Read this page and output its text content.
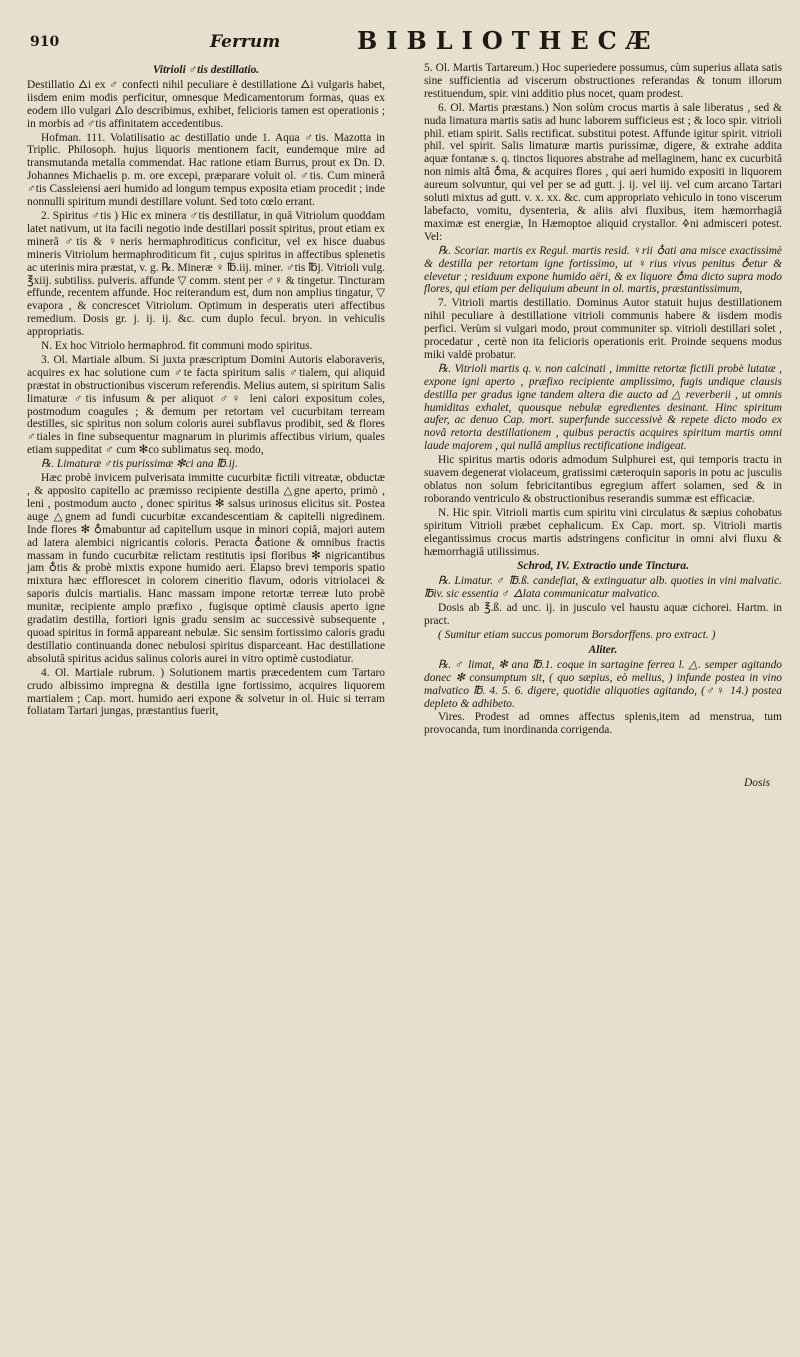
910	Ferrum	BIBLIOTHECÆ

Vitrioli ♂tis destillatio.

Destillatio 🜂i ex ♂ confecti nihil peculiare è destillatione 🜂i vulgaris habet, iisdem enim modis perficitur, omnesque Medicamentorum formas, quas ex eodem illo vulgari 🜂lo describimus, exhibet, felicioris tamen est operationis ; in morbis ad ♂tis affinitatem accedentibus.

Hofman. 111. Volatilisatio ac destillatio unde 1. Aqua ♂tis. Mazotta in Triplic. Philosoph. hujus liquoris mentionem facit, eundemque mire ad transmutanda metalla commendat. Hac ratione etiam Burrus, prout ex Dn. D. Johannes Michaelis p. m. ore excepi, præparare voluit ol. ♂tis. Cum minerâ ♂tis Cassleiensi aeri humido ad longum tempus exposita etiam procedit ; inde nonnulli spiritum mundi destillare volunt. Sed toto cœlo errant.

2. Spiritus ♂tis ) Hic ex minera ♂tis destillatur, in quâ Vitriolum quoddam latet nativum, ut ita facili negotio inde destillari possit spiritus, prout etiam ex minerâ ♂tis & ♀neris hermaphroditicus conficitur, vel ex hisce duabus mineris Vitriolum hermaphroditicum fit , cujus spiritus in affectibus splenetis ac uterinis mira præstat, v. g. ℞. Mineræ ♀ ℔.iij. miner. ♂tis ℔j. Vitrioli vulg. ℥xiij. subtiliss. pulveris. affunde ▽ comm. stent per ♂♀ & tingetur. Tincturam effunde, recentem affunde. Hoc reiterandum est, dum non amplius tingatur, ▽ evapora , & concrescet Vitriolum. Optimum in desperatis uteri affectibus remedium. Dosis gr. j. ij. ij. &c. cum duplo fecul. bryon. in vehiculis appropriatis.

N. Ex hoc Vitriolo hermaphrod. fit communi modo spiritus.

3. Ol. Martiale album. Si juxta præscriptum Domini Autoris elaboraveris, acquires ex hac solutione cum ♂te facta spiritum salis ♂tialem, qui aliquid præstat in obstructionibus viscerum referendis. Melius autem, si spiritum Salis limaturæ ♂tis infusum & per aliquot ♂♀ leni calori expositum coles, postmodum coagules ; & demum per retortam vel cucurbitam terream destilles, sic spiritus non solum coloris aurei subflavus prodibit, sed & flores ♂tiales in fine subsequentur magnarum in plurimis affectibus virium, quales etiam suppeditat ♂ cum ✻co sublimatus seq. modo,

℞. Limaturæ ♂tis purissimæ ✻ci ana ℔.ij.

Hæc probè invicem pulverisata immitte cucurbitæ fictili vitreatæ, obductæ , & apposito capitello ac præmisso recipiente destilla △gne aperto, primò , leni , postmodum aucto , donec spiritus ✻ salsus urinosus elicitus sit. Postea auge △gnem ad fundi cucurbitæ excandescentiam & capitelli nigredinem. Inde flores ✻ ♁mabuntur ad capitellum usque in minori copiâ, majori autem ad latera alembici nigricantis coloris. Peracta ♁atione & omnibus fractis massam in fundo cucurbitæ relictam restitutis ipsi floribus ✻ nigricantibus jam ♁tis & probè mixtis expone humido aeri. Elapso brevi temporis spatio mixtura hæc efflorescet in colorem cineritio flavum, odoris vitriolacei & saporis dulcis martialis. Hanc massam impone retortæ terreæ luto probè munitæ, recipiente amplo præfixo , fugisque optimè clausis aperto igne gradatim destilla, fortiori ignis gradu sensim ac successivè subsequente , quoad spiritus in formâ appareant nebulæ. Sic sensim fortissimo caloris gradu destillatio continuanda donec nebulosi spiritus disparceant. Hac destillatione absolutâ spiritus acidus salinus coloris aurei in vitro optimè custodiatur.

4. Ol. Martiale rubrum. ) Solutionem martis præcedentem cum Tartaro crudo albissimo impregna & destilla igne fortissimo, acquires liquorem martialem ; Cap. mort. humido aeri expone & solvetur in ol. Huic si terram foliatam Tartari jungas, præstantius fuerit,

5. Ol. Martis Tartareum.) Hoc superiedere possumus, cùm superius allata satis sine sufficientia ad viscerum obstructiones referandas & tonum illorum restituendum, spir. vini additio plus nocet, quam prodest.

6. Ol. Martis præstans.) Non solùm crocus martis à sale liberatus , sed & nuda limatura martis satis ad hunc laborem sufficieus est ; & loco spir. vitrioli phil. etiam spirit. Salis rectificat. substitui potest. Affunde igitur spirit. vitrioli phil. vel spirit. Salis limaturæ martis purissimæ, digere, & extrahe addita aquæ fontanæ s. q. tinctos liquores abstrahe ad mellaginem, hanc ex cucurbitâ non nimis altâ ♁ma, & acquires flores , qui aeri humido expositi in liquorem aureum solvuntur, qui vel per se ad gutt. j. ij. vel iij. vel cum arcano Tartari soluti mixtus ad gutt. v. x. xx. &c. cum appropriato vehiculo in tono viscerum labefacto, vomitu, dysenteria, & aliis alvi fluxibus, item hæmorrhagiâ maximæ est energiæ, In Hæmoptoe aliquid crystallor. 🜍ni admisceri potest. Vel:

℞. Scoriar. martis ex Regul. martis resid. ♀rii ♁ati ana misce exactissimè & destilla per retortam igne fortissimo, ut ♀rius vivus penitus ♁etur & elevetur ; residuum expone humido aëri, & ex liquore ♁ma dicto supra modo flores, qui etiam per deliquium abeunt in ol. martis, præstantissimum,

7. Vitrioli martis destillatio. Dominus Autor statuit hujus destillationem nihil peculiare à destillatione vitrioli communis habere & iisdem modis perfici. Verùm si vulgari modo, prout communiter sp. vitrioli destillari solet , procedatur , certè non ita felicioris operationis erit. Proinde sequens modus miki valdè probatur.

℞. Vitrioli martis q. v. non calcinati , immitte retortæ fictili probè lutatæ , expone igni aperto , præfixo recipiente amplissimo, fugis undique clausis destilla per gradus igne tandem altera die aucto ad △ reverberii , ut omnis humiditas exhalet, quousque nebulæ egredientes desinant. Hinc spiritum aufer, ac denuo Cap. mort. superfunde successivè & repete dicto modo ex novâ retorta destillationem , quibus peractis acquires spiritum martis omni laude majorem , qui nullâ amplius rectificatione indigeat.

Hic spiritus martis odoris admodum Sulphurei est, qui temporis tractu in suavem degenerat violaceum, gratissimi cæteroquin saporis in potu ac jusculis oblatus non solum febricitantibus egregium affert solamen, sed & in roborando ventriculo & obstructionibus reserandis summæ est efficaciæ.

N. Hic spir. Vitrioli martis cum spiritu vini circulatus & sæpius cohobatus spiritum Vitrioli præbet cephalicum. Ex Cap. mort. sp. Vitrioli martis elegantissimus crocus martis adstringens conficitur in omni alvi fluxu & hæmorrhagiâ utilissimus.

Schrod, IV. Extractio unde Tinctura.

℞. Limatur. ♂ ℔.ß. candefiat, & extinguatur alb. quoties in vini malvatic. ℔iv. sic essentia ♂ 🜂lata communicatur malvatico.

Dosis ab ℥.ß. ad unc. ij. in jusculo vel haustu aquæ cichorei. Hartm. in pract.

( Sumitur etiam succus pomorum Borsdorffens. pro extract. )

Aliter.

℞. ♂ limat, ✻ ana ℔.1. coque in sartagine ferrea l. △. semper agitando donec ✻ consumptum sit, ( quo sæpius, eò melius, ) infunde postea in vino malvatico ℔. 4. 5. 6. digere, quotidie aliquoties agitando, (♂♀ 14.) postea depleto & adhibeto.

Vires. Prodest ad omnes affectus splenis,item ad menstrua, tum provocanda, tum inordinanda corrigenda.

Dosis
